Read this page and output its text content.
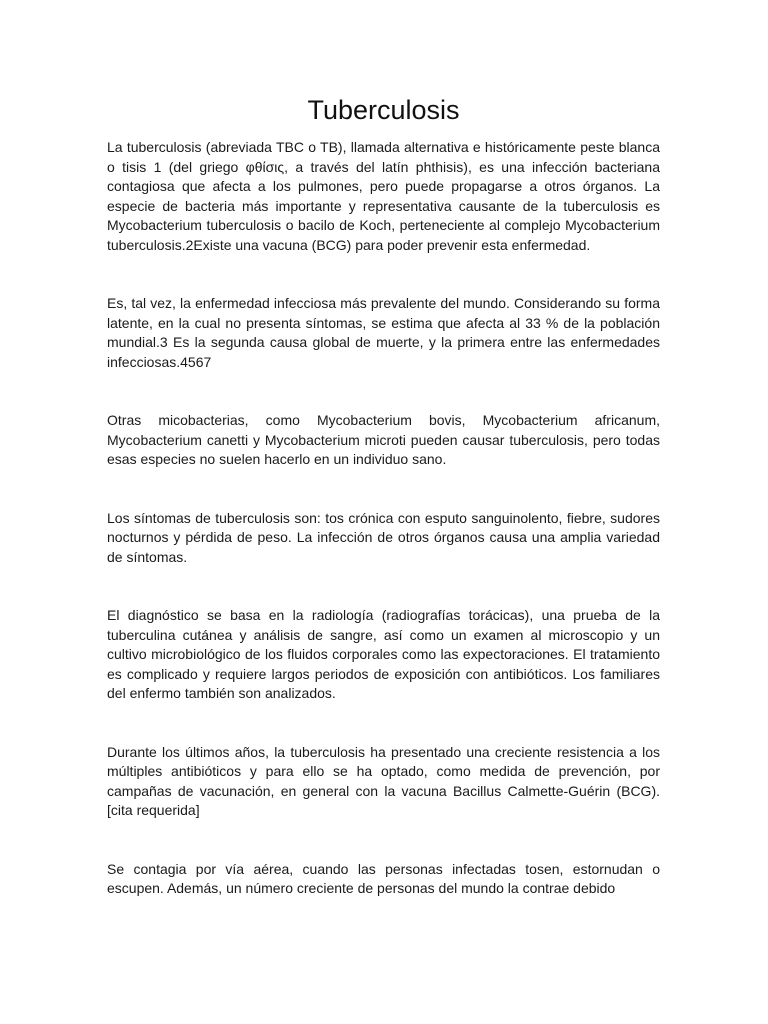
Tuberculosis

La tuberculosis (abreviada TBC o TB), llamada alternativa e históricamente peste blanca o tisis 1 (del griego φθίσις, a través del latín phthisis), es una infección bacteriana contagiosa que afecta a los pulmones, pero puede propagarse a otros órganos. La especie de bacteria más importante y representativa causante de la tuberculosis es Mycobacterium tuberculosis o bacilo de Koch, perteneciente al complejo Mycobacterium tuberculosis.2Existe una vacuna (BCG) para poder prevenir esta enfermedad.

Es, tal vez, la enfermedad infecciosa más prevalente del mundo. Considerando su forma latente, en la cual no presenta síntomas, se estima que afecta al 33 % de la población mundial.3 Es la segunda causa global de muerte, y la primera entre las enfermedades infecciosas.4567

Otras micobacterias, como Mycobacterium bovis, Mycobacterium africanum, Mycobacterium canetti y Mycobacterium microti pueden causar tuberculosis, pero todas esas especies no suelen hacerlo en un individuo sano.

Los síntomas de tuberculosis son: tos crónica con esputo sanguinolento, fiebre, sudores nocturnos y pérdida de peso. La infección de otros órganos causa una amplia variedad de síntomas.

El diagnóstico se basa en la radiología (radiografías torácicas), una prueba de la tuberculina cutánea y análisis de sangre, así como un examen al microscopio y un cultivo microbiológico de los fluidos corporales como las expectoraciones. El tratamiento es complicado y requiere largos periodos de exposición con antibióticos. Los familiares del enfermo también son analizados.

Durante los últimos años, la tuberculosis ha presentado una creciente resistencia a los múltiples antibióticos y para ello se ha optado, como medida de prevención, por campañas de vacunación, en general con la vacuna Bacillus Calmette-Guérin (BCG).[cita requerida]

Se contagia por vía aérea, cuando las personas infectadas tosen, estornudan o escupen. Además, un número creciente de personas del mundo la contrae debido
